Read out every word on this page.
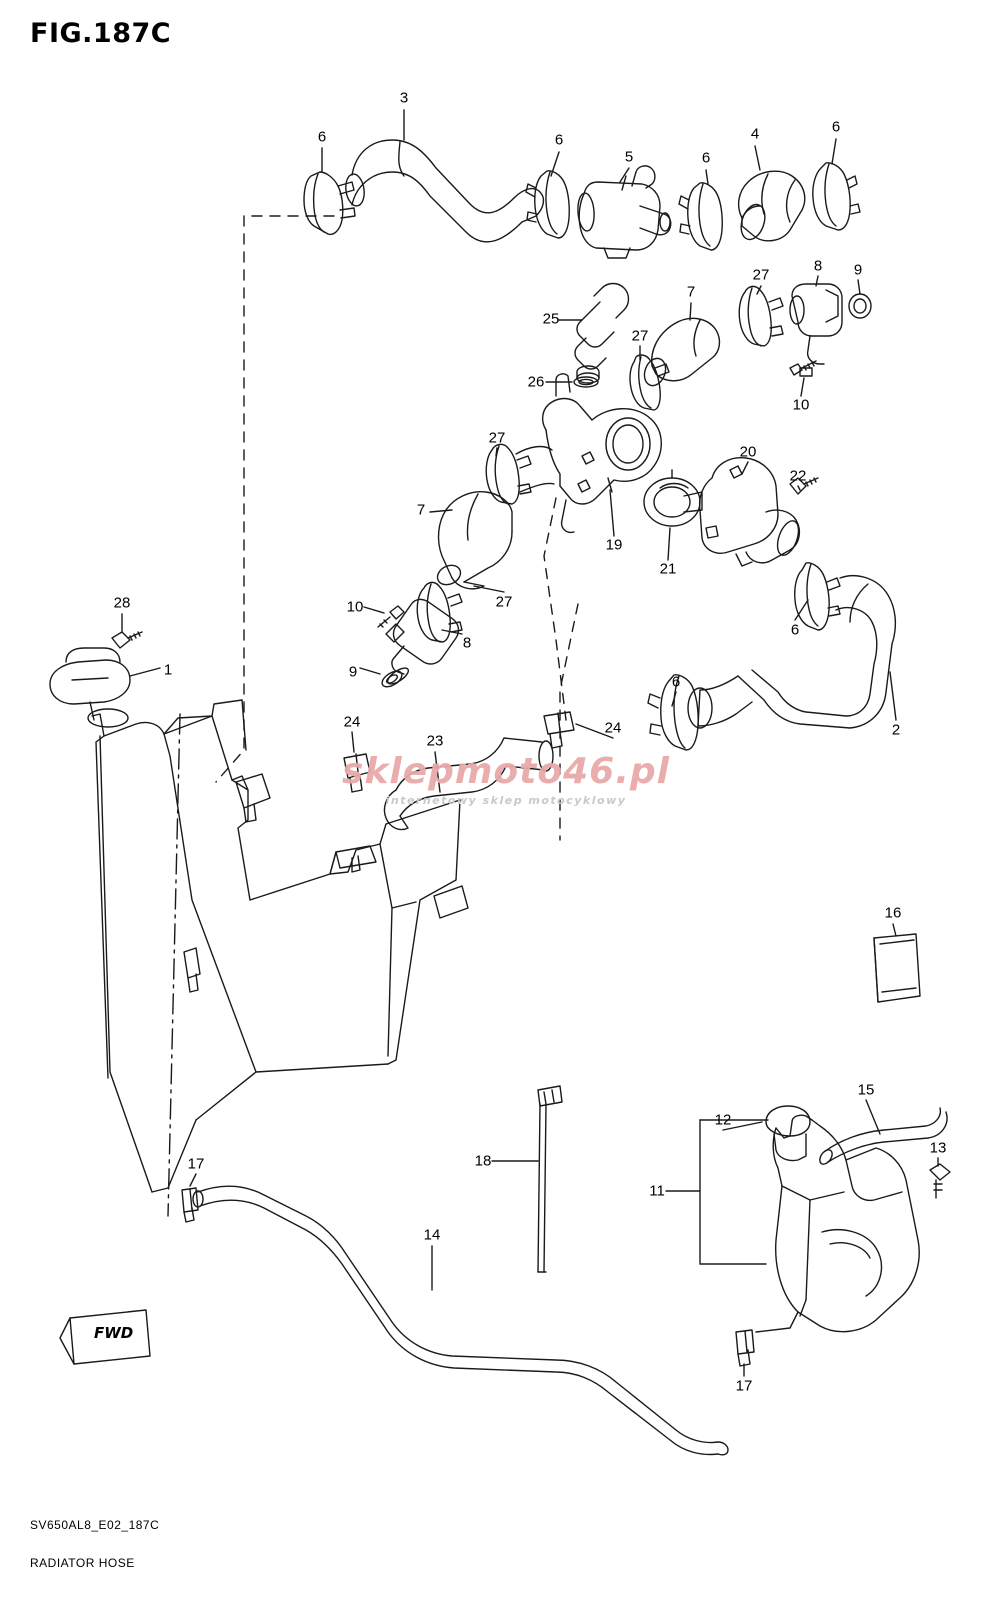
FIG.187C
FWD
sklepmoto46.pl
internetowy sklep motocyklowy
3
6	6
5	6
4	6
27
8 9
7
25
27
26
10
27
20
22
7
19
21
27
10
8
9
6
6
2
28
1
24	24
23
16
15
12
13
11
18
17
14
17
SV650AL8_E02_187C
RADIATOR HOSE
